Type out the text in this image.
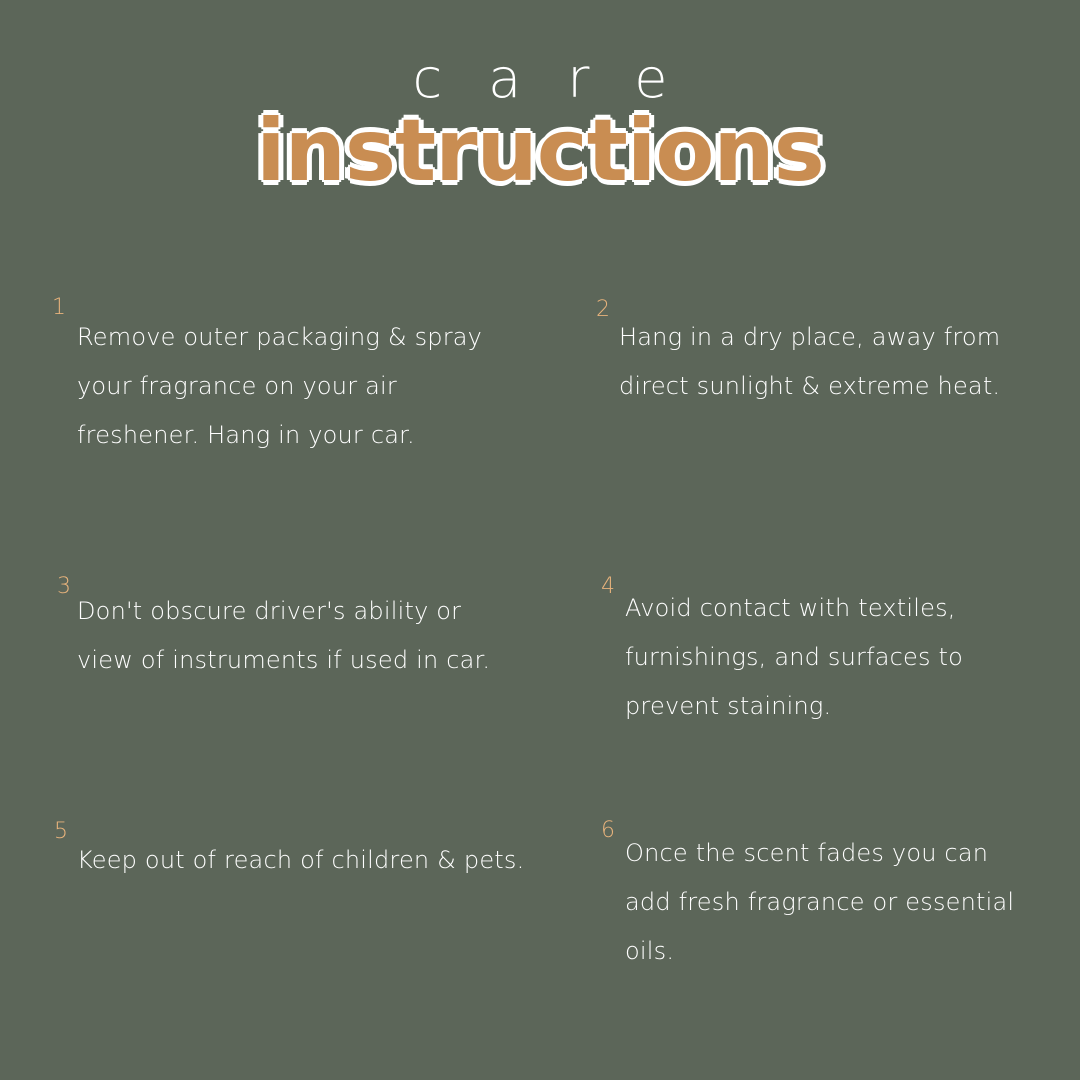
care
instructions
1
Remove outer packaging & spray your fragrance on your air freshener. Hang in your car.
2
Hang in a dry place, away from direct sunlight & extreme heat.
3
Don't obscure driver's ability or view of instruments if used in car.
4
Avoid contact with textiles, furnishings, and surfaces to prevent staining.
5
Keep out of reach of children & pets.
6
Once the scent fades you can add fresh fragrance or essential oils.
